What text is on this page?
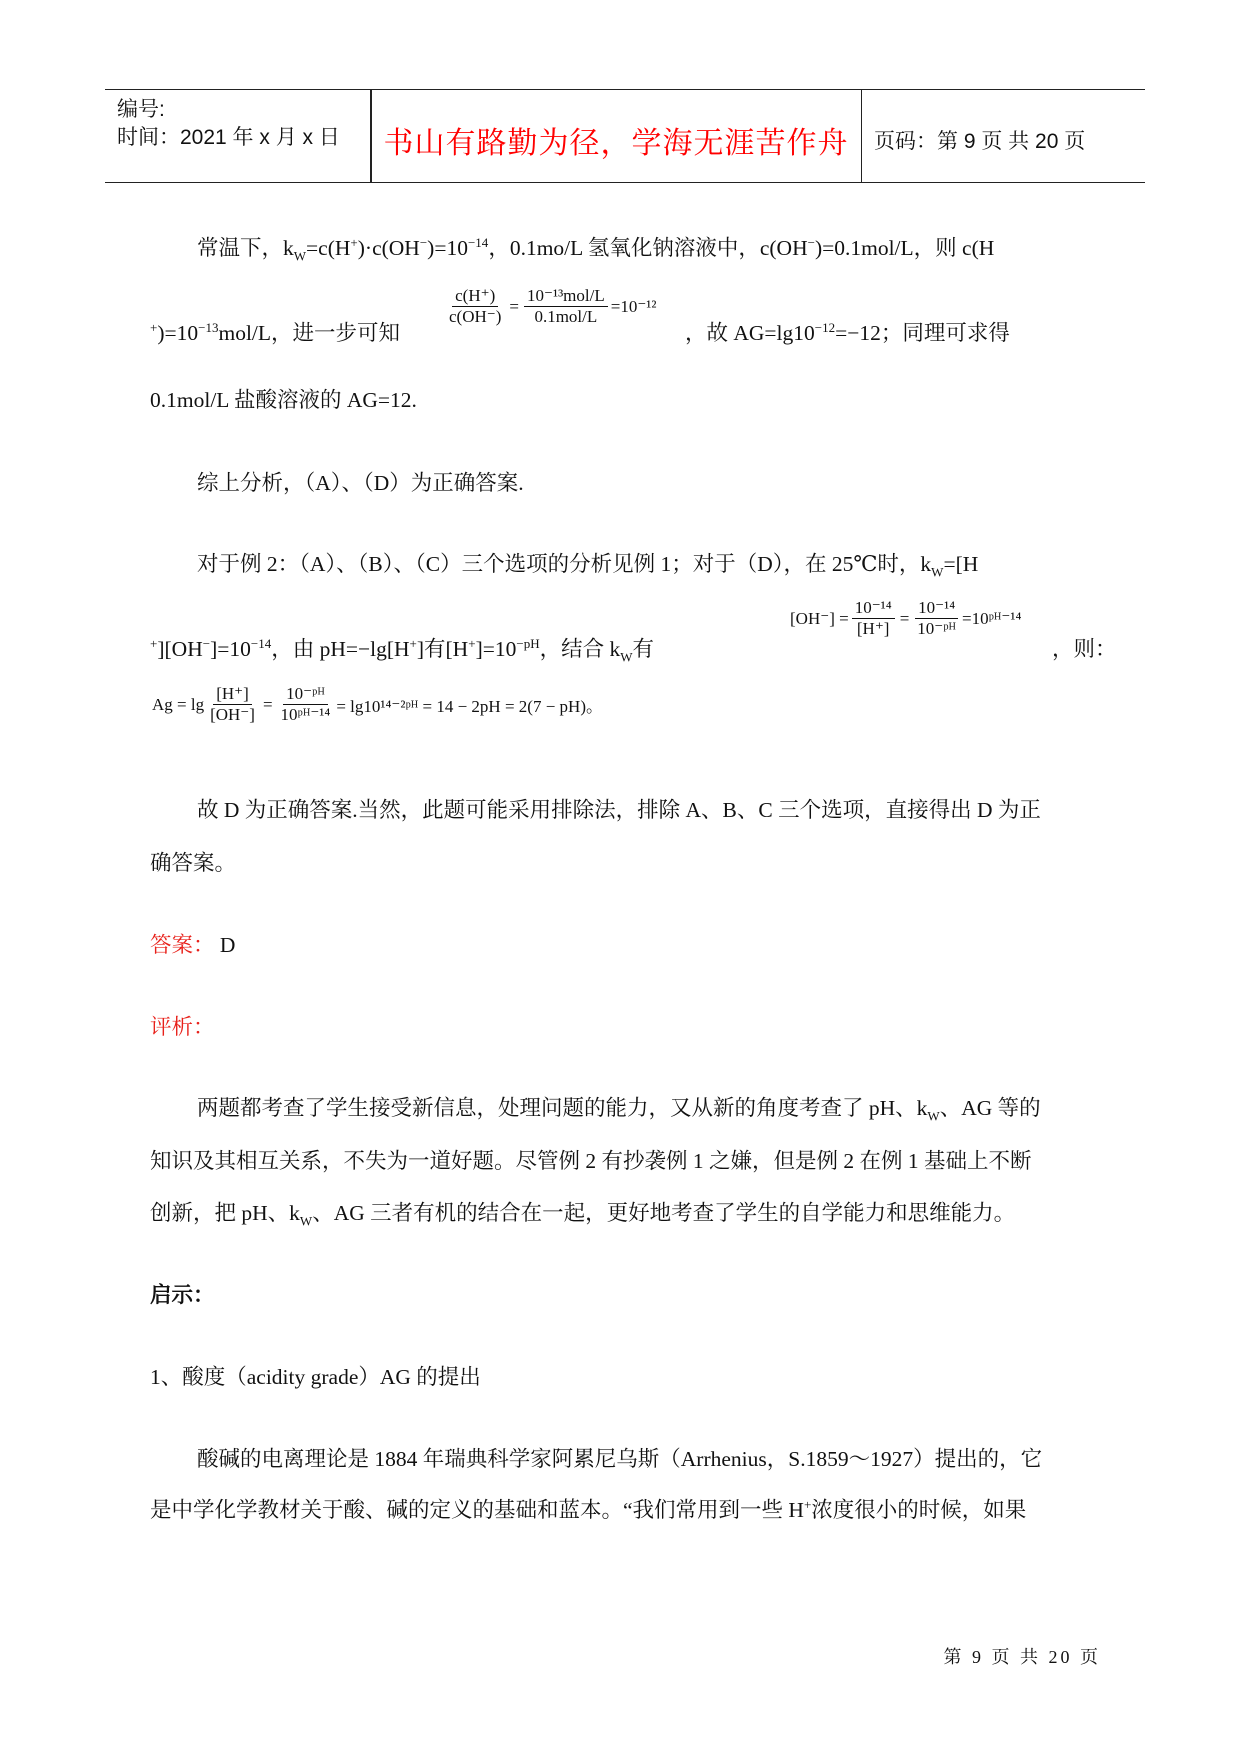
编号:
时间：2021 年 x 月 x 日	书山有路勤为径，学海无涯苦作舟	页码：第 9 页 共 20 页
常温下，$k_W=c(H^+)\cdot c(OH^-)=10^{-14}$，0.1mo/L 氢氧化钠溶液中，c(OH−)=0.1mol/L，则 c(H
$^+)=10^{-13}mol/L$，进一步可知	，故 $AG=\lg 10^{-12}=-12$；同理可求得
0.1mol/L 盐酸溶液的 AG=12.
综上分析，（A）、（D）为正确答案.
对于例 2：（A）、（B）、（C）三个选项的分析见例 1；对于（D），在 25℃时，$k_W=[H$
$^+][OH^-]=10^{-14}$，由 pH=−lg[H+]有$[H^+]=10^{-pH}$，结合 $k_W$有	，则：
故 D 为正确答案.当然，此题可能采用排除法，排除 A、B、C 三个选项，直接得出 D 为正
确答案。
答案： D
评析：
两题都考查了学生接受新信息，处理问题的能力，又从新的角度考查了 pH、$k_W$、AG 等的
知识及其相互关系，不失为一道好题。尽管例 2 有抄袭例 1 之嫌，但是例 2 在例 1 基础上不断
创新，把 pH、$k_W$、AG 三者有机的结合在一起，更好地考查了学生的自学能力和思维能力。
启示：
1、酸度（acidity grade）AG 的提出
酸碱的电离理论是 1884 年瑞典科学家阿累尼乌斯（Arrhenius，S.1859～1927）提出的，它
是中学化学教材关于酸、碱的定义的基础和蓝本。“我们常用到一些 H+浓度很小的时候，如果
$\frac{c(H^+)}{c(OH^-)}$ =
10⁻¹³mol/L
0.1mol/L
=10⁻¹²
$[OH^-] = \frac{\text{10⁻¹⁴}}{[H^+]} = \frac{\text{10⁻¹⁴}}{\text{10⁻ᵖᴴ}}$ =10ᵖᴴ⁻¹⁴
$Ag = \lg \frac{[H^+]}{[OH^-]} = \frac{\text{10⁻ᵖᴴ}}{\text{10ᵖᴴ⁻¹⁴}}$ = lg10¹⁴⁻²ᵖᴴ = 14 − 2pH = 2(7 − pH)。
第 9 页 共 20 页
